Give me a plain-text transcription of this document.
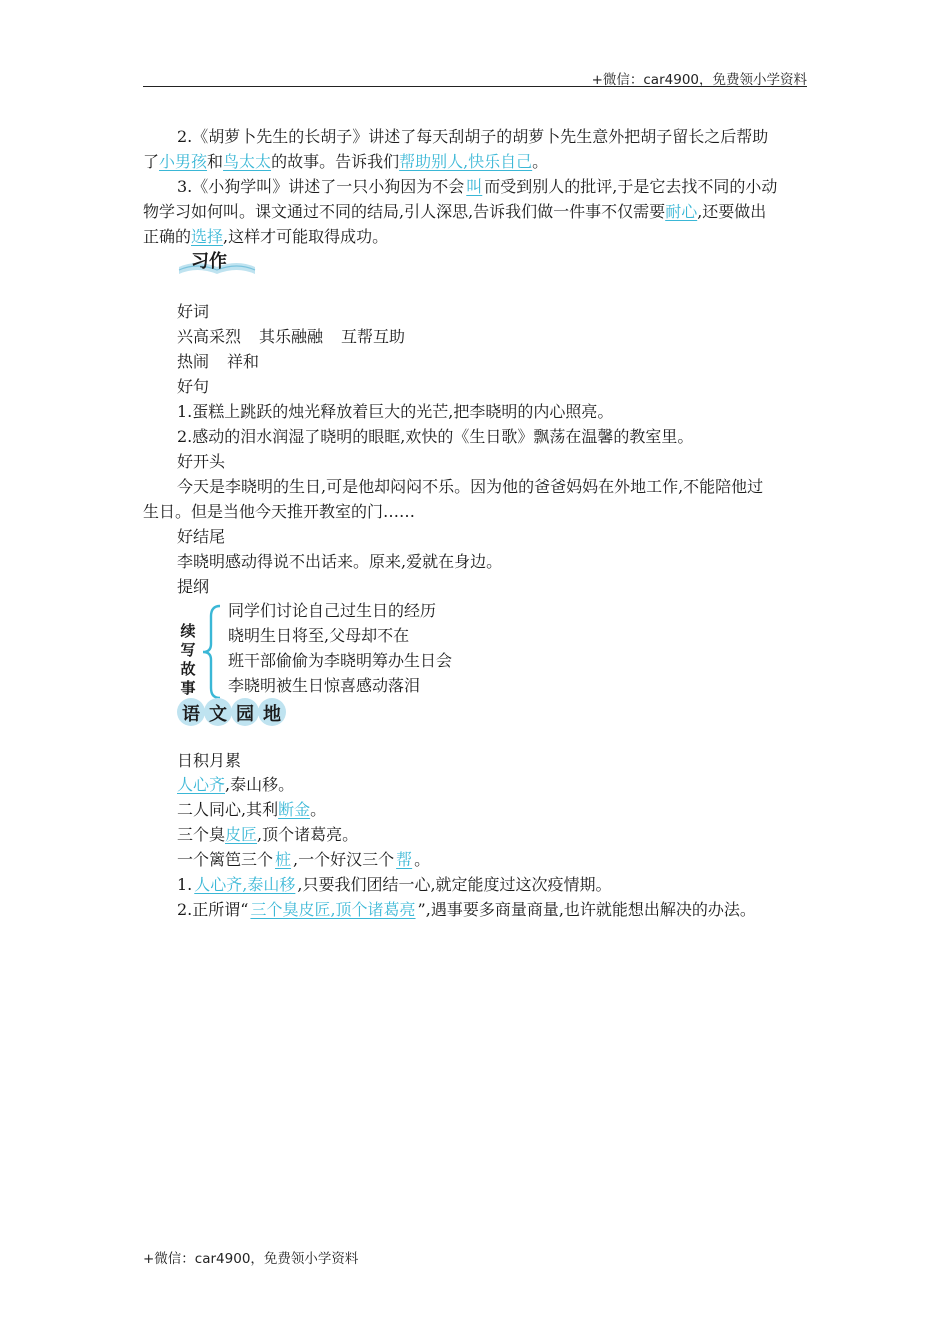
+微信：car4900，免费领小学资料
2.《胡萝卜先生的长胡子》讲述了每天刮胡子的胡萝卜先生意外把胡子留长之后帮助
了小男孩和鸟太太的故事。告诉我们帮助别人,快乐自己。
3.《小狗学叫》讲述了一只小狗因为不会 叫 而受到别人的批评,于是它去找不同的小动
物学习如何叫。课文通过不同的结局,引人深思,告诉我们做一件事不仅需要耐心,还要做出
正确的选择,这样才可能取得成功。
习作
好词
兴高采烈 其乐融融 互帮互助
热闹 祥和
好句
1.蛋糕上跳跃的烛光释放着巨大的光芒,把李晓明的内心照亮。
2.感动的泪水润湿了晓明的眼眶,欢快的《生日歌》飘荡在温馨的教室里。
好开头
今天是李晓明的生日,可是他却闷闷不乐。因为他的爸爸妈妈在外地工作,不能陪他过
生日。但是当他今天推开教室的门……
好结尾
李晓明感动得说不出话来。原来,爱就在身边。
提纲
续
写
故
事
同学们讨论自己过生日的经历
晓明生日将至,父母却不在
班干部偷偷为李晓明筹办生日会
李晓明被生日惊喜感动落泪
语文园地
日积月累
人心齐,泰山移。
二人同心,其利断金。
三个臭皮匠,顶个诸葛亮。
一个篱笆三个 桩 ,一个好汉三个 帮 。
1. 人心齐,泰山移 ,只要我们团结一心,就定能度过这次疫情期。
2.正所谓“ 三个臭皮匠,顶个诸葛亮 ”,遇事要多商量商量,也许就能想出解决的办法。
+微信：car4900，免费领小学资料
